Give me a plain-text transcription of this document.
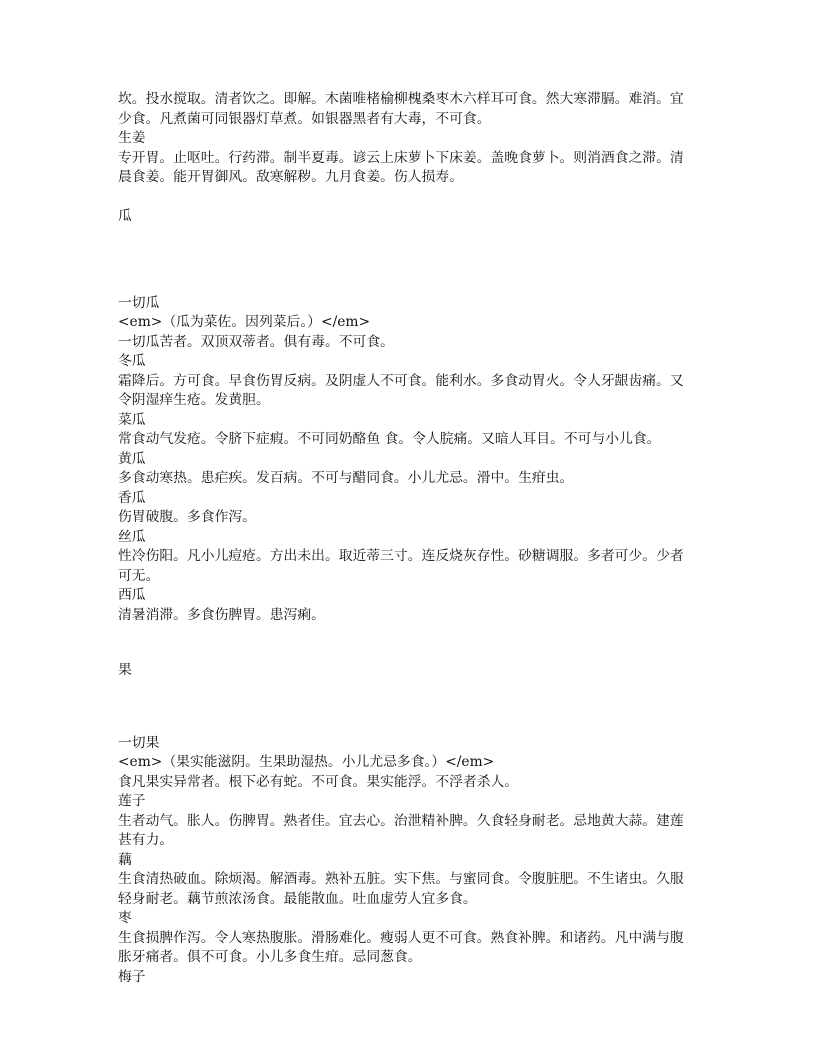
坎。投水搅取。清者饮之。即解。木菌唯楮榆柳槐桑枣木六样耳可食。然大寒滞膈。难消。宜
少食。凡煮菌可同银器灯草煮。如银器黑者有大毒，不可食。
生姜
专开胃。止呕吐。行药滞。制半夏毒。谚云上床萝卜下床姜。盖晚食萝卜。则消酒食之滞。清
晨食姜。能开胃御风。敌寒解秽。九月食姜。伤人损寿。
瓜
一切瓜
<em>（瓜为菜佐。因列菜后。）</em>
一切瓜苦者。双顶双蒂者。俱有毒。不可食。
冬瓜
霜降后。方可食。早食伤胃反病。及阴虚人不可食。能利水。多食动胃火。令人牙龈齿痛。又
令阴湿痒生疮。发黄胆。
菜瓜
常食动气发疮。令脐下症瘕。不可同奶酪鱼 食。令人脘痛。又暗人耳目。不可与小儿食。
黄瓜
多食动寒热。患疟疾。发百病。不可与醋同食。小儿尤忌。滑中。生疳虫。
香瓜
伤胃破腹。多食作泻。
丝瓜
性冷伤阳。凡小儿痘疮。方出未出。取近蒂三寸。连反烧灰存性。砂糖调服。多者可少。少者
可无。
西瓜
清暑消滞。多食伤脾胃。患泻痢。
果
一切果
<em>（果实能滋阴。生果助湿热。小儿尤忌多食。）</em>
食凡果实异常者。根下必有蛇。不可食。果实能浮。不浮者杀人。
莲子
生者动气。胀人。伤脾胃。熟者佳。宜去心。治泄精补脾。久食轻身耐老。忌地黄大蒜。建莲
甚有力。
藕
生食清热破血。除烦渴。解酒毒。熟补五脏。实下焦。与蜜同食。令腹脏肥。不生诸虫。久服
轻身耐老。藕节煎浓汤食。最能散血。吐血虚劳人宜多食。
枣
生食损脾作泻。令人寒热腹胀。滑肠难化。瘦弱人更不可食。熟食补脾。和诸药。凡中满与腹
胀牙痛者。俱不可食。小儿多食生疳。忌同葱食。
梅子
